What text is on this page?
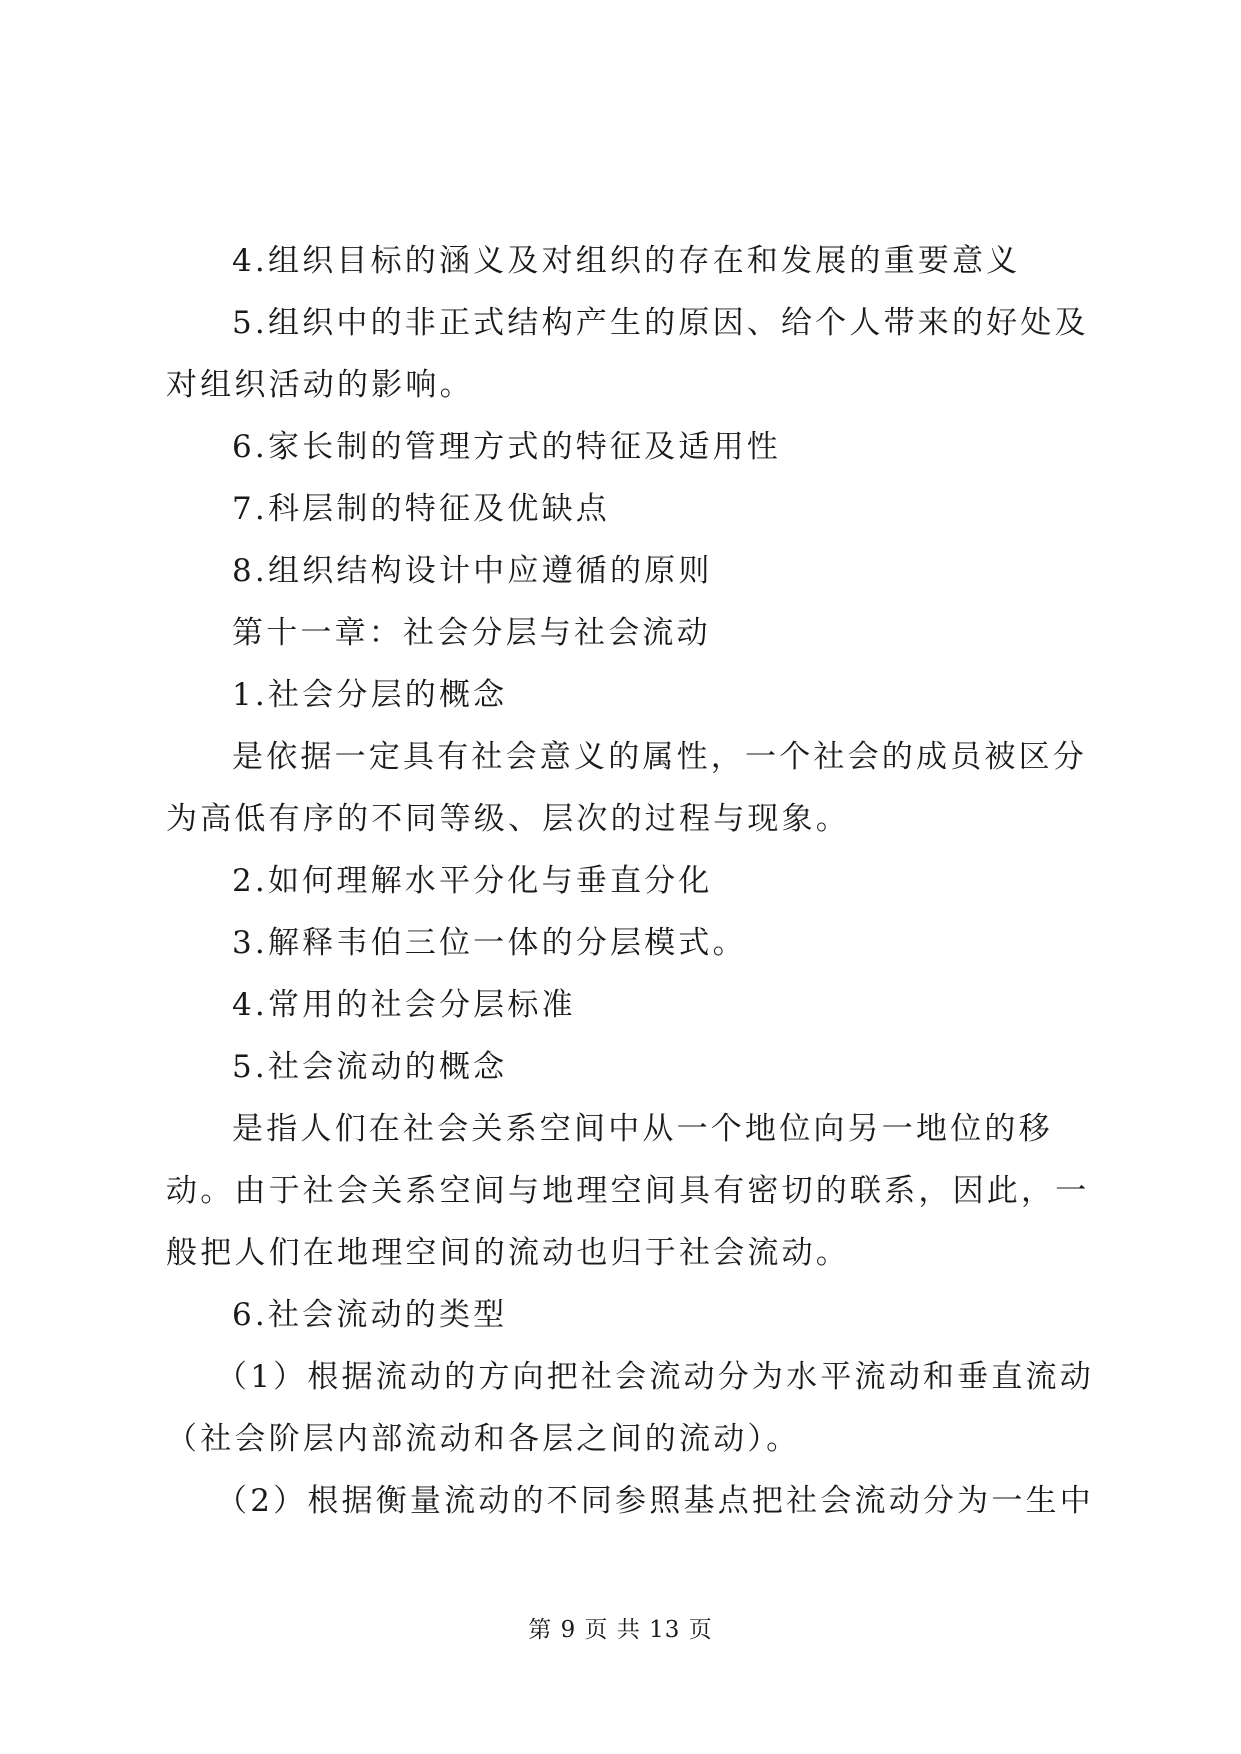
4.组织目标的涵义及对组织的存在和发展的重要意义

5.组织中的非正式结构产生的原因、给个人带来的好处及对组织活动的影响。

6.家长制的管理方式的特征及适用性

7.科层制的特征及优缺点

8.组织结构设计中应遵循的原则

第十一章：社会分层与社会流动

1.社会分层的概念

是依据一定具有社会意义的属性，一个社会的成员被区分为高低有序的不同等级、层次的过程与现象。

2.如何理解水平分化与垂直分化

3.解释韦伯三位一体的分层模式。

4.常用的社会分层标准

5.社会流动的概念

是指人们在社会关系空间中从一个地位向另一地位的移动。由于社会关系空间与地理空间具有密切的联系，因此，一般把人们在地理空间的流动也归于社会流动。

6.社会流动的类型

（1）根据流动的方向把社会流动分为水平流动和垂直流动（社会阶层内部流动和各层之间的流动）。

（2）根据衡量流动的不同参照基点把社会流动分为一生中

第 9 页 共 13 页
